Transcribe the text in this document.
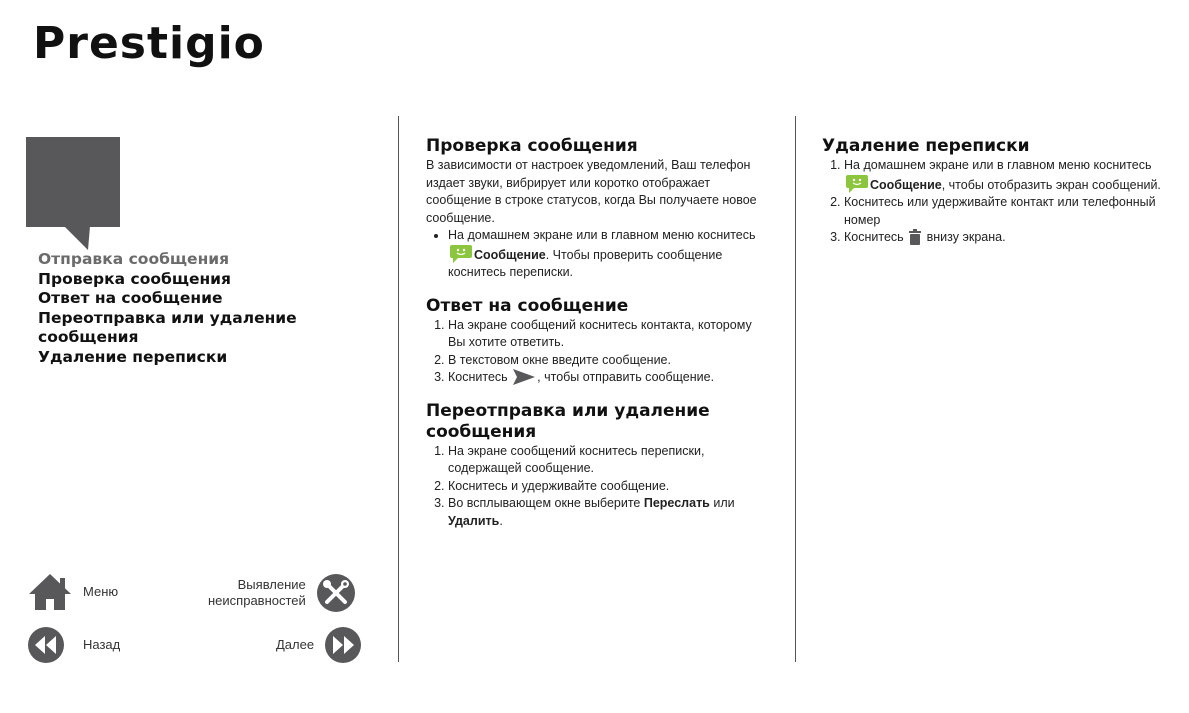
Prestigio
Отправка сообщения
Проверка сообщения
Ответ на сообщение
Переотправка или удаление сообщения
Удаление переписки
Меню	Выявление
неисправностей
Назад	Далее
Проверка сообщения

В зависимости от настроек уведомлений, Ваш телефон издает звуки, вибрирует или коротко отображает сообщение в строке статусов, когда Вы получаете новое сообщение.

• На домашнем экране или в главном меню коснитесь Сообщение. Чтобы проверить сообщение коснитесь переписки.
Ответ на сообщение
1. На экране сообщений коснитесь контакта, которому Вы хотите ответить.
2. В текстовом окне введите сообщение.
3. Коснитесь , чтобы отправить сообщение.
Переотправка или удаление сообщения
1. На экране сообщений коснитесь переписки, содержащей сообщение.
2. Коснитесь и удерживайте сообщение.
3. Во всплывающем окне выберите Переслать или Удалить.
Удаление переписки
1. На домашнем экране или в главном меню коснитесь Сообщение, чтобы отобразить экран сообщений.
2. Коснитесь или удерживайте контакт или телефонный номер
3. Коснитесь внизу экрана.
